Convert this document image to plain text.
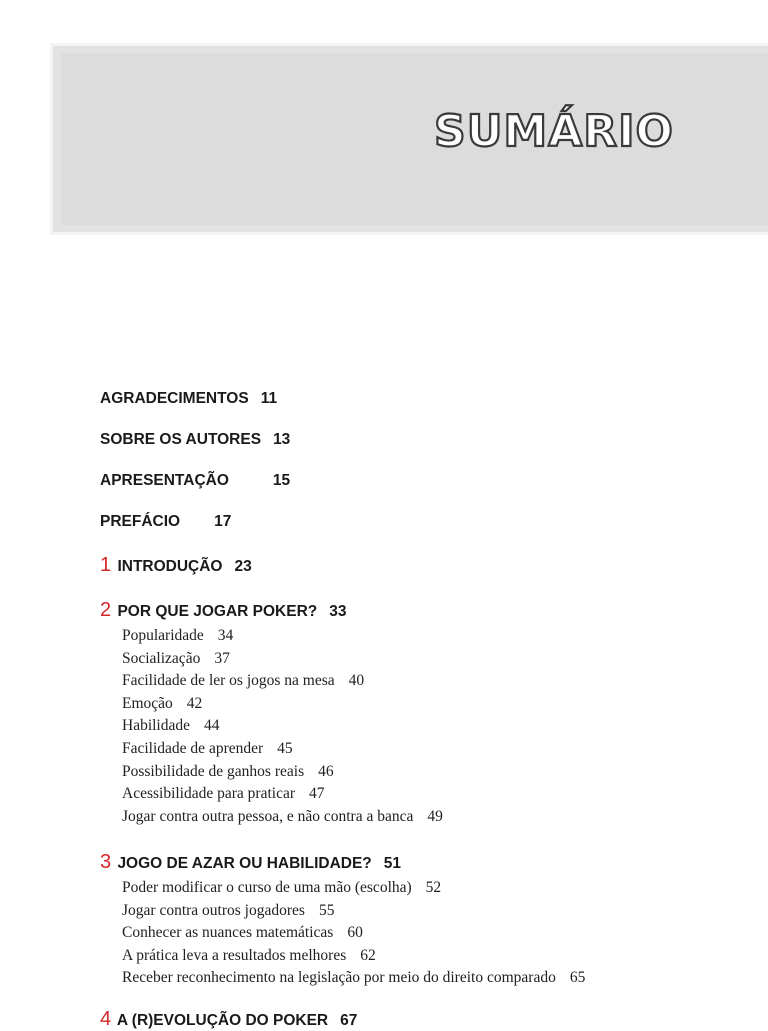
SUMÁRIO
AGRADECIMENTOS 11
SOBRE OS AUTORES 13
APRESENTAÇÃO	15
PREFÁCIO 17
1 INTRODUÇÃO 23
2 POR QUE JOGAR POKER? 33
Popularidade 34
Socialização 37
Facilidade de ler os jogos na mesa 40
Emoção 42
Habilidade 44
Facilidade de aprender 45
Possibilidade de ganhos reais 46
Acessibilidade para praticar 47
Jogar contra outra pessoa, e não contra a banca 49
3 JOGO DE AZAR OU HABILIDADE? 51
Poder modificar o curso de uma mão (escolha) 52
Jogar contra outros jogadores 55
Conhecer as nuances matemáticas 60
A prática leva a resultados melhores 62
Receber reconhecimento na legislação por meio do direito comparado 65
4 A (R)EVOLUÇÃO DO POKER 67
